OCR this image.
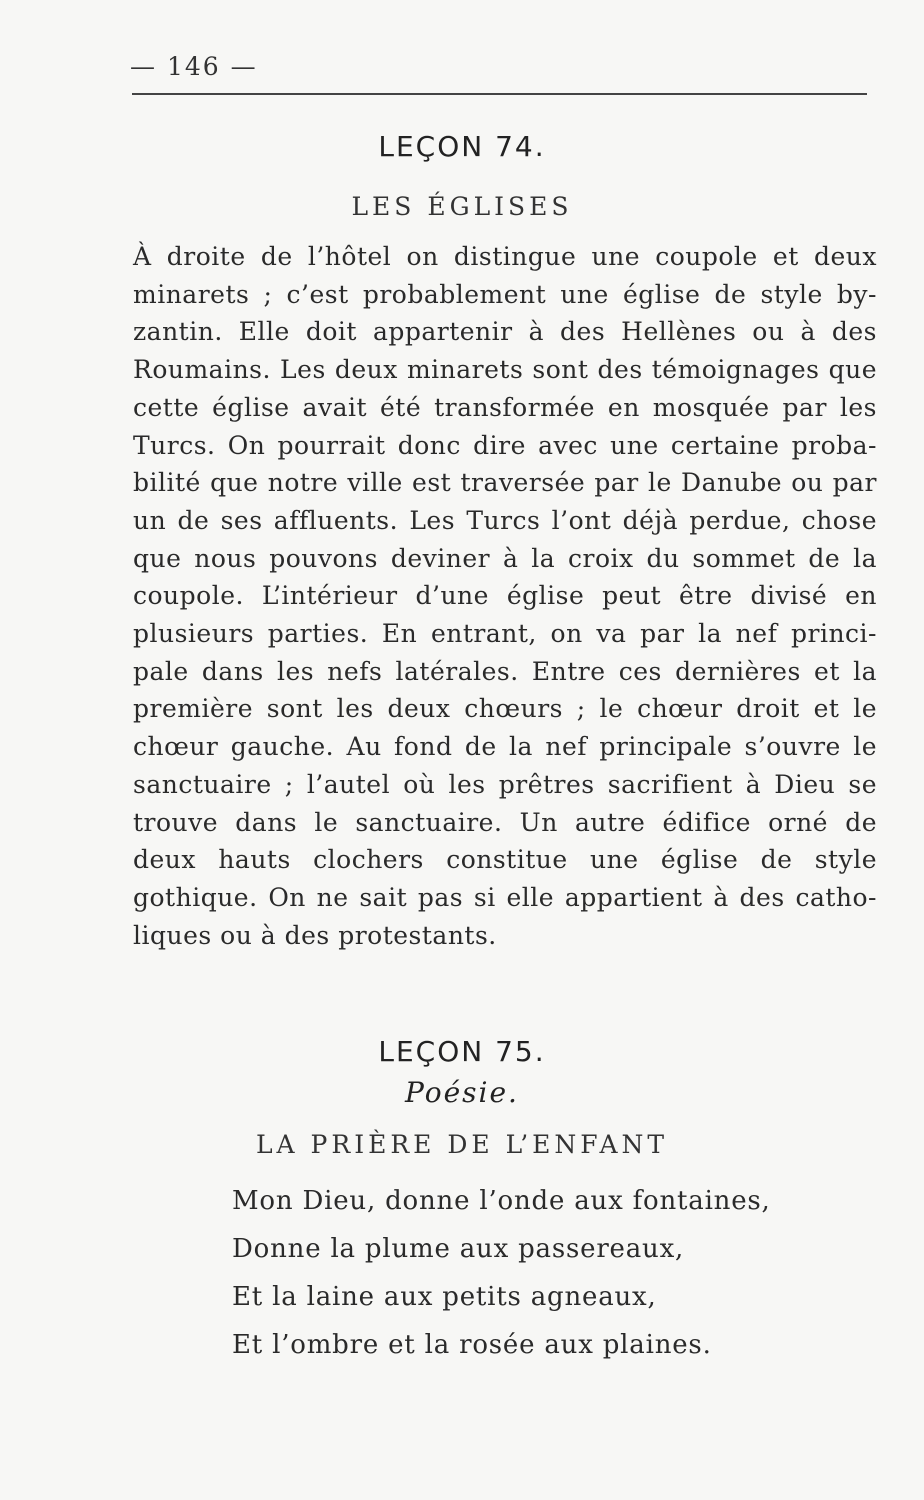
— 146 —
LEÇON 74.
LES ÉGLISES
À droite de l’hôtel on distingue une coupole et deux
minarets ; c’est probablement une église de style by-
zantin. Elle doit appartenir à des Hellènes ou à des
Roumains. Les deux minarets sont des témoignages que
cette église avait été transformée en mosquée par les
Turcs. On pourrait donc dire avec une certaine proba-
bilité que notre ville est traversée par le Danube ou par
un de ses affluents. Les Turcs l’ont déjà perdue, chose
que nous pouvons deviner à la croix du sommet de la
coupole. L’intérieur d’une église peut être divisé en
plusieurs parties. En entrant, on va par la nef princi-
pale dans les nefs latérales. Entre ces dernières et la
première sont les deux chœurs ; le chœur droit et le
chœur gauche. Au fond de la nef principale s’ouvre le
sanctuaire ; l’autel où les prêtres sacrifient à Dieu se
trouve dans le sanctuaire. Un autre édifice orné de
deux hauts clochers constitue une église de style
gothique. On ne sait pas si elle appartient à des catho-
liques ou à des protestants.
LEÇON 75.
Poésie.
LA PRIÈRE DE L’ENFANT
Mon Dieu, donne l’onde aux fontaines,
Donne la plume aux passereaux,
Et la laine aux petits agneaux,
Et l’ombre et la rosée aux plaines.
